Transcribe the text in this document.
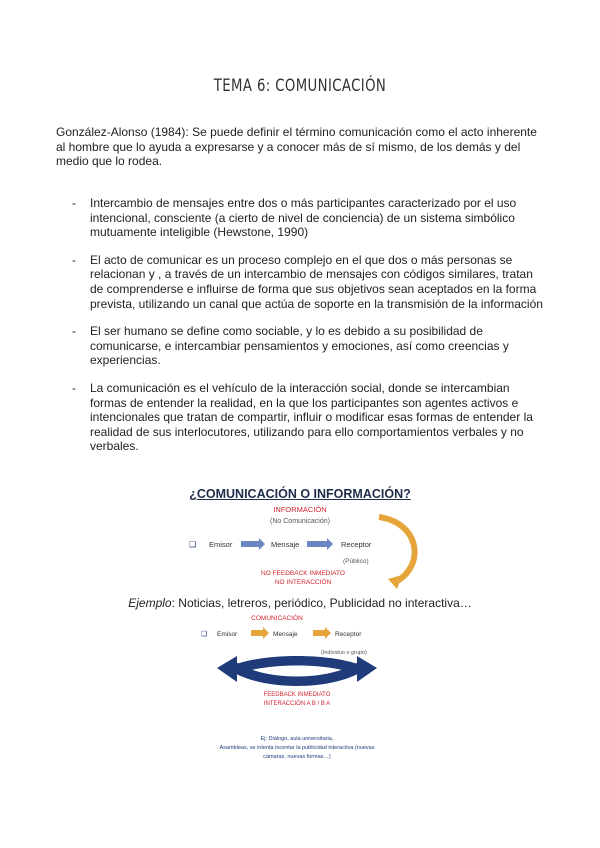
TEMA 6: COMUNICACIÓN
González-Alonso (1984): Se puede definir el término comunicación como el acto inherente al hombre que lo ayuda a expresarse y a conocer más de sí mismo, de los demás y del medio que lo rodea.
- Intercambio de mensajes entre dos o más participantes caracterizado por el uso intencional, consciente (a cierto de nivel de conciencia) de un sistema simbólico mutuamente inteligible (Hewstone, 1990)
- El acto de comunicar es un proceso complejo en el que dos o más personas se relacionan y , a través de un intercambio de mensajes con códigos similares, tratan de comprenderse e influirse de forma que sus objetivos sean aceptados en la forma prevista, utilizando un canal que actúa de soporte en la transmisión de la información
- El ser humano se define como sociable, y lo es debido a su posibilidad de comunicarse, e intercambiar pensamientos y emociones, así como creencias y experiencias.
- La comunicación es el vehículo de la interacción social, donde se intercambian formas de entender la realidad, en la que los participantes son agentes activos e intencionales que tratan de compartir, influir o modificar esas formas de entender la realidad de sus interlocutores, utilizando para ello comportamientos verbales y no verbales.
¿COMUNICACIÓN O INFORMACIÓN?
INFORMACIÓN
(No Comunicación)
❑ Emisor	Mensaje	Receptor
(Público)
NO FEEDBACK INMEDIATO
NO INTERACCIÓN
Ejemplo: Noticias, letreros, periódico, Publicidad no interactiva…
COMUNICACIÓN
❑ Emisor	Mensaje	Receptor
(Individuo o grupo)
FEEDBACK INMEDIATO
INTERACCIÓN A B / B A
Ej: Diálogo, aula universitaria,
Asambleas, se intenta incentar la publicidad interactiva (nuevas
cámaras, nuevas formas…)
